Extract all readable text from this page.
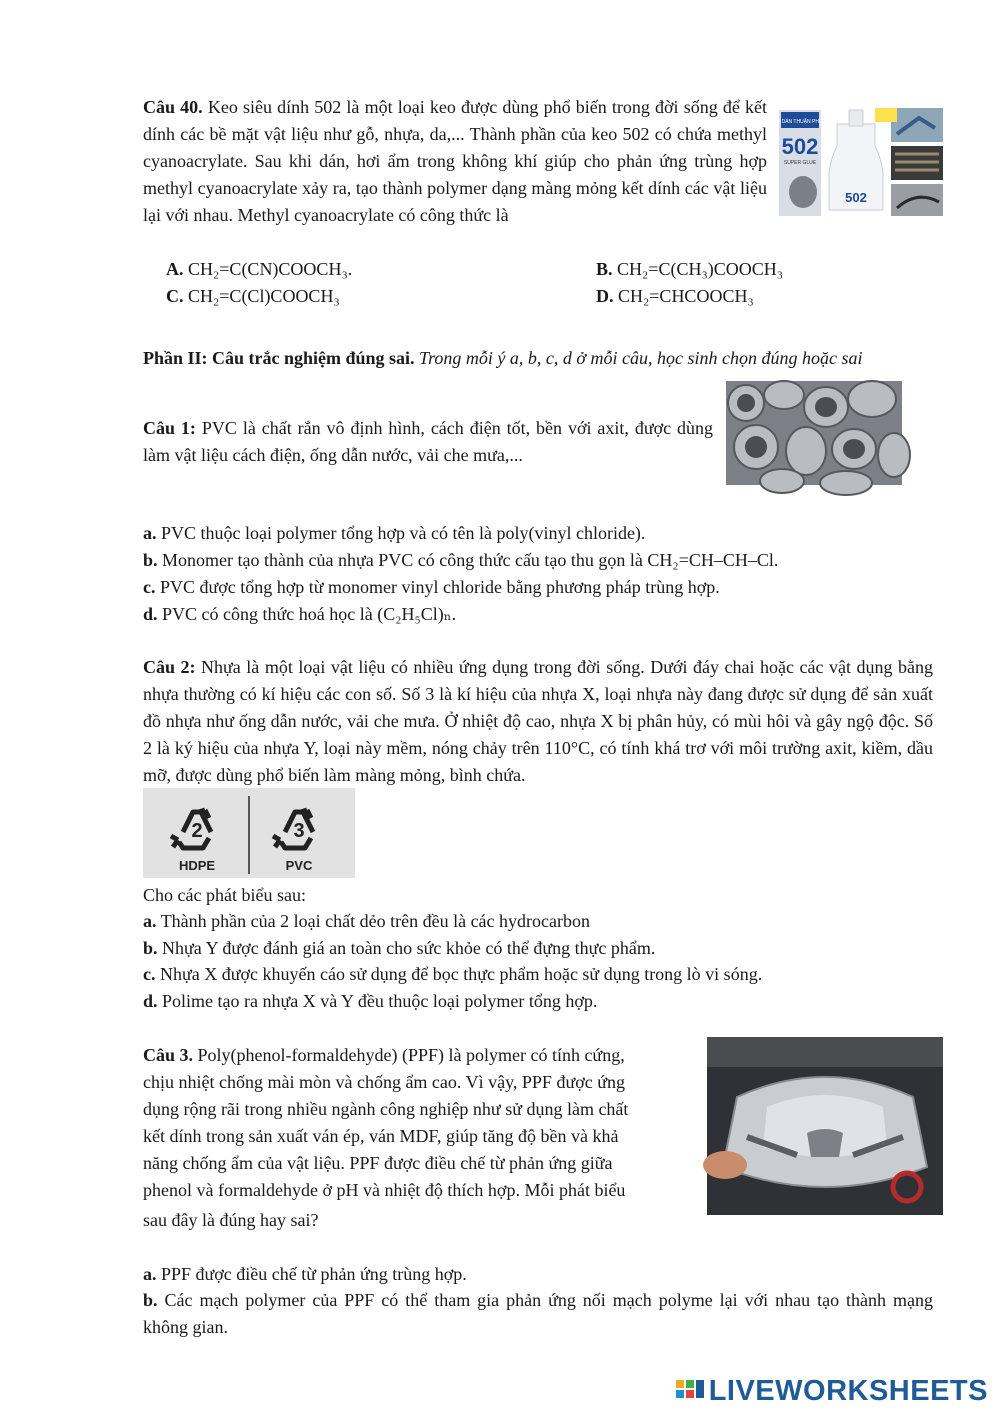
Câu 40. Keo siêu dính 502 là một loại keo được dùng phổ biến trong đời sống để kết dính các bề mặt vật liệu như gỗ, nhựa, da,... Thành phần của keo 502 có chứa methyl cyanoacrylate. Sau khi dán, hơi ẩm trong không khí giúp cho phản ứng trùng hợp methyl cyanoacrylate xảy ra, tạo thành polymer dạng màng mỏng kết dính các vật liệu lại với nhau. Methyl cyanoacrylate có công thức là
KEO DÁN THUẬN PHONG
502
SUPER GLUE
502
A. CH₂=C(CN)COOCH₃.	B. CH₂=C(CH₃)COOCH₃
C. CH₂=C(Cl)COOCH₃	D. CH₂=CHCOOCH₃
Phần II: Câu trắc nghiệm đúng sai. Trong mỗi ý a, b, c, d ở mỗi câu, học sinh chọn đúng hoặc sai
Câu 1: PVC là chất rắn vô định hình, cách điện tốt, bền với axit, được dùng làm vật liệu cách điện, ống dẫn nước, vải che mưa,...
a. PVC thuộc loại polymer tổng hợp và có tên là poly(vinyl chloride).
b. Monomer tạo thành của nhựa PVC có công thức cấu tạo thu gọn là CH₂=CH–CH–Cl.
c. PVC được tổng hợp từ monomer vinyl chloride bằng phương pháp trùng hợp.
d. PVC có công thức hoá học là (C₂H₅Cl)ₙ.
Câu 2: Nhựa là một loại vật liệu có nhiều ứng dụng trong đời sống. Dưới đáy chai hoặc các vật dụng bằng nhựa thường có kí hiệu các con số. Số 3 là kí hiệu của nhựa X, loại nhựa này đang được sử dụng để sản xuất đồ nhựa như ống dẫn nước, vải che mưa. Ở nhiệt độ cao, nhựa X bị phân hủy, có mùi hôi và gây ngộ độc. Số 2 là ký hiệu của nhựa Y, loại này mềm, nóng chảy trên 110°C, có tính khá trơ với môi trường axit, kiềm, dầu mỡ, được dùng phổ biến làm màng mỏng, bình chứa.
2
HDPE
3
PVC
Cho các phát biểu sau:
a. Thành phần của 2 loại chất dẻo trên đều là các hydrocarbon
b. Nhựa Y được đánh giá an toàn cho sức khỏe có thể đựng thực phẩm.
c. Nhựa X được khuyến cáo sử dụng để bọc thực phẩm hoặc sử dụng trong lò vi sóng.
d. Polime tạo ra nhựa X và Y đều thuộc loại polymer tổng hợp.
Câu 3. Poly(phenol-formaldehyde) (PPF) là polymer có tính cứng,
chịu nhiệt chống mài mòn và chống ẩm cao. Vì vậy, PPF được ứng
dụng rộng rãi trong nhiều ngành công nghiệp như sử dụng làm chất
kết dính trong sản xuất ván ép, ván MDF, giúp tăng độ bền và khả
năng chống ẩm của vật liệu. PPF được điều chế từ phản ứng giữa
phenol và formaldehyde ở pH và nhiệt độ thích hợp. Mỗi phát biểu
sau đây là đúng hay sai?
a. PPF được điều chế từ phản ứng trùng hợp.
b. Các mạch polymer của PPF có thể tham gia phản ứng nối mạch polyme lại với nhau tạo thành mạng không gian.
LIVEWORKSHEETS
